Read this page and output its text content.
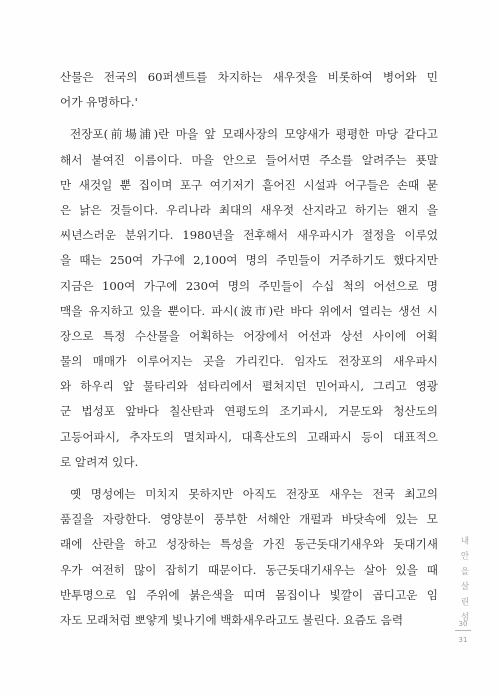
산물은 전국의 60퍼센트를 차지하는 새우젓을 비롯하여 병어와 민
어가 유명하다.'
전장포(前場浦)란 마을 앞 모래사장의 모양새가 평평한 마당 같다고
해서 붙여진 이름이다. 마을 안으로 들어서면 주소를 알려주는 푯말
만 새것일 뿐 집이며 포구 여기저기 흩어진 시설과 어구들은 손때 묻
은 낡은 것들이다. 우리나라 최대의 새우젓 산지라고 하기는 왠지 을
씨년스러운 분위기다. 1980년을 전후해서 새우파시가 절정을 이루었
을 때는 250여 가구에 2,100여 명의 주민들이 거주하기도 했다지만
지금은 100여 가구에 230여 명의 주민들이 수십 척의 어선으로 명
맥을 유지하고 있을 뿐이다. 파시(波市)란 바다 위에서 열리는 생선 시
장으로 특정 수산물을 어획하는 어장에서 어선과 상선 사이에 어획
물의 매매가 이루어지는 곳을 가리킨다. 임자도 전장포의 새우파시
와 하우리 앞 물타리와 섬타리에서 펼쳐지던 민어파시, 그리고 영광
군 법성포 앞바다 칠산탄과 연평도의 조기파시, 거문도와 청산도의
고등어파시, 추자도의 멸치파시, 대흑산도의 고래파시 등이 대표적으
로 알려져 있다.
옛 명성에는 미치지 못하지만 아직도 전장포 새우는 전국 최고의
품질을 자랑한다. 영양분이 풍부한 서해안 개펄과 바닷속에 있는 모
래에 산란을 하고 성장하는 특성을 가진 동근돗대기새우와 돗대기새
우가 여전히 많이 잡히기 때문이다. 동근돗대기새우는 살아 있을 때
반투명으로 입 주위에 붉은색을 띠며 몸집이나 빛깔이 곱디고운 임
자도 모래처럼 뽀얗게 빛나기에 백화새우라고도 불린다. 요즘도 음력	내 안 을 살 린 섬
30
31
